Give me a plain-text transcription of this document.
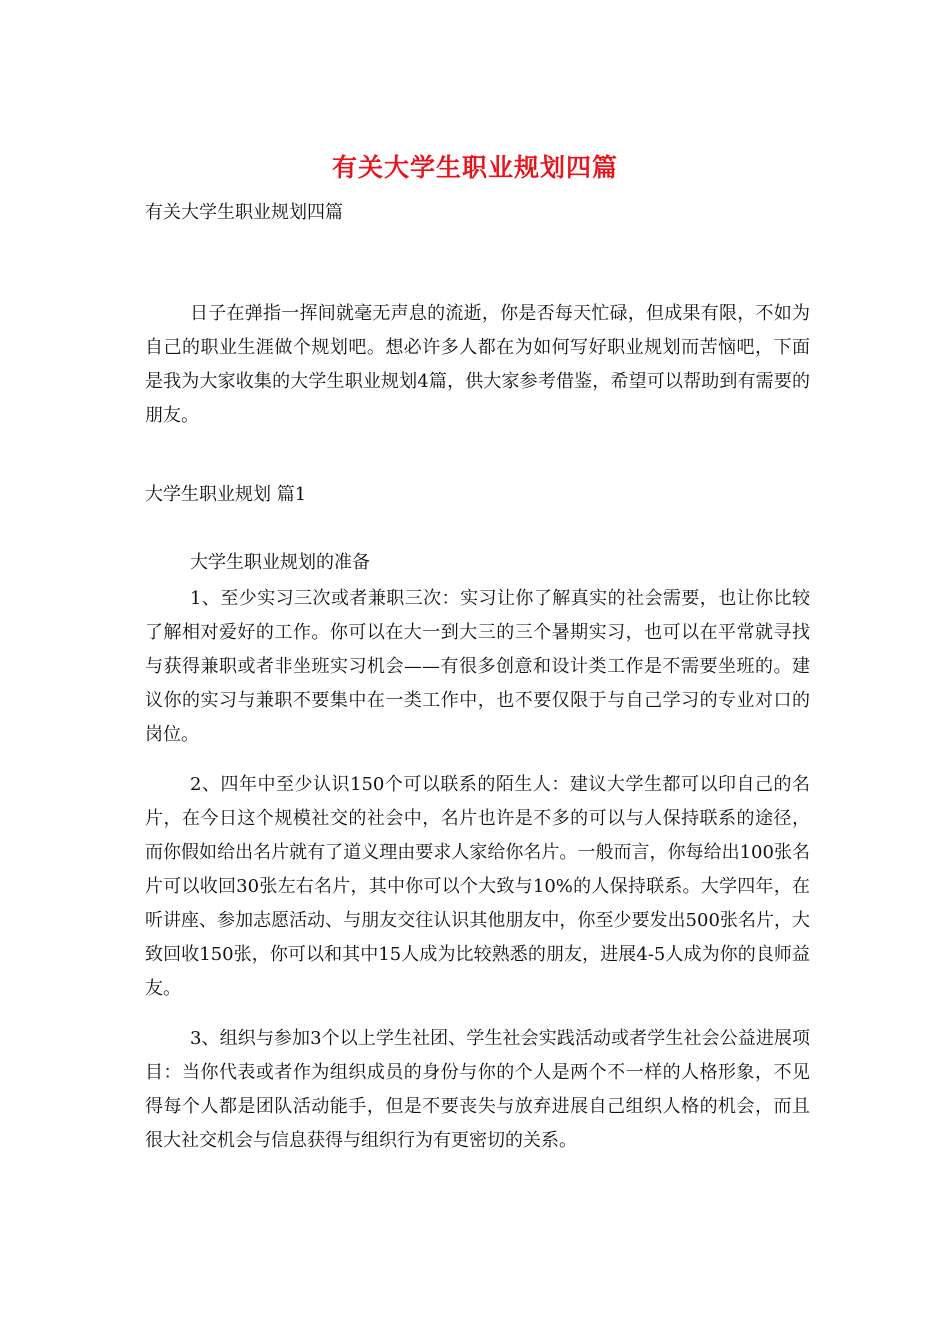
有关大学生职业规划四篇
有关大学生职业规划四篇

日子在弹指一挥间就毫无声息的流逝，你是否每天忙碌，但成果有限，不如为自己的职业生涯做个规划吧。想必许多人都在为如何写好职业规划而苦恼吧，下面是我为大家收集的大学生职业规划4篇，供大家参考借鉴，希望可以帮助到有需要的朋友。

大学生职业规划 篇1

大学生职业规划的准备

1、至少实习三次或者兼职三次：实习让你了解真实的社会需要，也让你比较了解相对爱好的工作。你可以在大一到大三的三个暑期实习，也可以在平常就寻找与获得兼职或者非坐班实习机会——有很多创意和设计类工作是不需要坐班的。建议你的实习与兼职不要集中在一类工作中，也不要仅限于与自己学习的专业对口的岗位。

2、四年中至少认识150个可以联系的陌生人：建议大学生都可以印自己的名片，在今日这个规模社交的社会中，名片也许是不多的可以与人保持联系的途径，而你假如给出名片就有了道义理由要求人家给你名片。一般而言，你每给出100张名片可以收回30张左右名片，其中你可以个大致与10%的人保持联系。大学四年，在听讲座、参加志愿活动、与朋友交往认识其他朋友中，你至少要发出500张名片，大致回收150张，你可以和其中15人成为比较熟悉的朋友，进展4-5人成为你的良师益友。

3、组织与参加3个以上学生社团、学生社会实践活动或者学生社会公益进展项目：当你代表或者作为组织成员的身份与你的个人是两个不一样的人格形象，不见得每个人都是团队活动能手，但是不要丧失与放弃进展自己组织人格的机会，而且很大社交机会与信息获得与组织行为有更密切的关系。
